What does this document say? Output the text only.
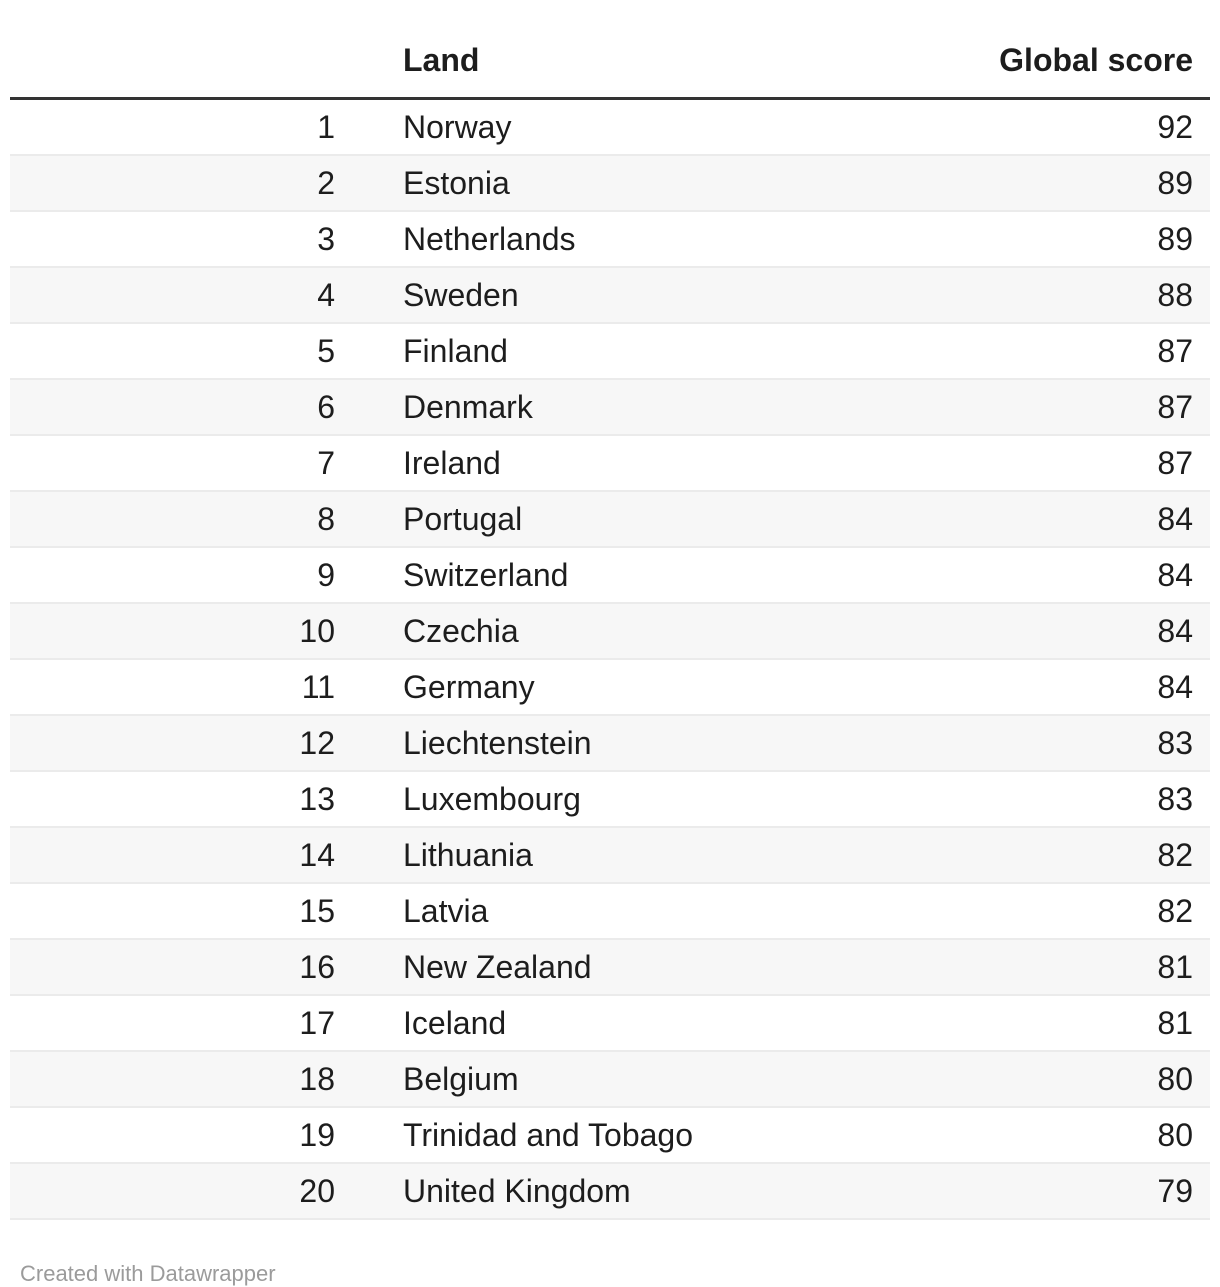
	Land	Global score
1	Norway	92
2	Estonia	89
3	Netherlands	89
4	Sweden	88
5	Finland	87
6	Denmark	87
7	Ireland	87
8	Portugal	84
9	Switzerland	84
10	Czechia	84
11	Germany	84
12	Liechtenstein	83
13	Luxembourg	83
14	Lithuania	82
15	Latvia	82
16	New Zealand	81
17	Iceland	81
18	Belgium	80
19	Trinidad and Tobago	80
20	United Kingdom	79
Created with Datawrapper
